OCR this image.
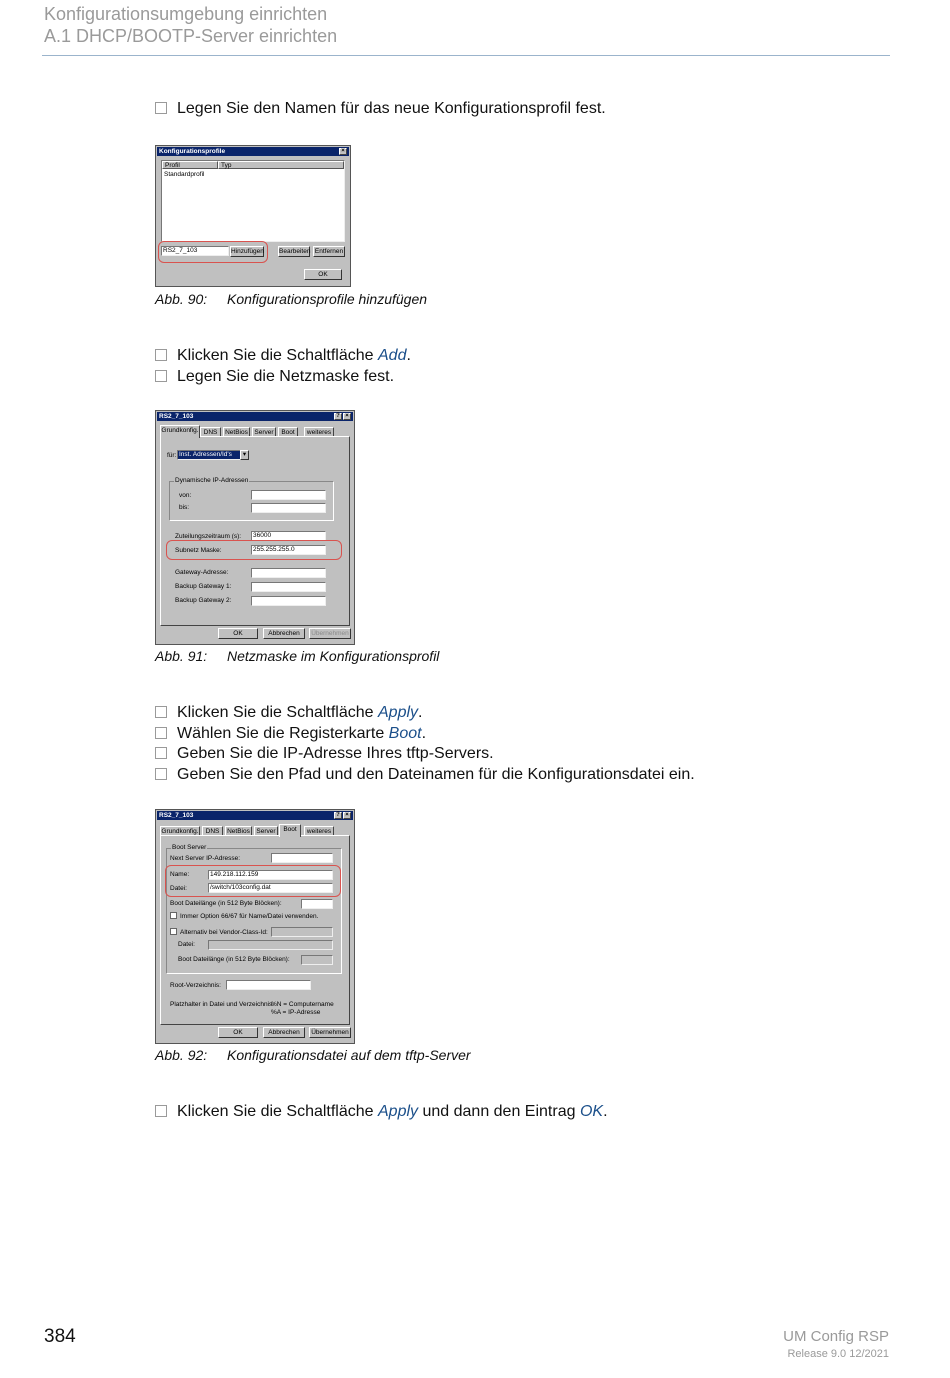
Konfigurationsumgebung einrichten
A.1 DHCP/BOOTP-Server einrichten
Legen Sie den Namen für das neue Konfigurationsprofil fest.
Konfigurationsprofile	×
Profil	Typ
Standardprofil
RS2_7_103	Hinzufügen Bearbeiten Entfernen
OK
Abb. 90: Konfigurationsprofile hinzufügen
Klicken Sie die Schaltfläche Add.
Legen Sie die Netzmaske fest.
RS2_7_103	? ×
Grundkonfig. DNS	NetBios	Server	Boot	weiteres
für: Inst. Adressen/Id's	▾
Dynamische IP-Adressen
von:
bis:
Zuteilungszeitraum (s):	36000
Subnetz Maske:	255.255.255.0
Gateway-Adresse:
Backup Gateway 1:
Backup Gateway 2:
OK	Abbrechen	Übernehmen
Abb. 91: Netzmaske im Konfigurationsprofil
Klicken Sie die Schaltfläche Apply.
Wählen Sie die Registerkarte Boot.
Geben Sie die IP-Adresse Ihres tftp-Servers.
Geben Sie den Pfad und den Dateinamen für die Konfigurationsdatei ein.
RS2_7_103	? ×
Grundkonfig.	DNS	NetBios	Server	Boot	weiteres
Boot Server
Next Server IP-Adresse:
Name:	149.218.112.159
Datei:	/switch/103config.dat
Boot Dateilänge (in 512 Byte Blöcken):
Immer Option 66/67 für Name/Datei verwenden.
Alternativ bei Vendor-Class-Id:
Datei:
Boot Dateilänge (in 512 Byte Blöcken):
Root-Verzeichnis:
Platzhalter in Datei und Verzeichnis:
%N = Computername
%A = IP-Adresse
OK	Abbrechen	Übernehmen
Abb. 92: Konfigurationsdatei auf dem tftp-Server
Klicken Sie die Schaltfläche Apply und dann den Eintrag OK.
384	UM Config RSP
Release 9.0 12/2021
